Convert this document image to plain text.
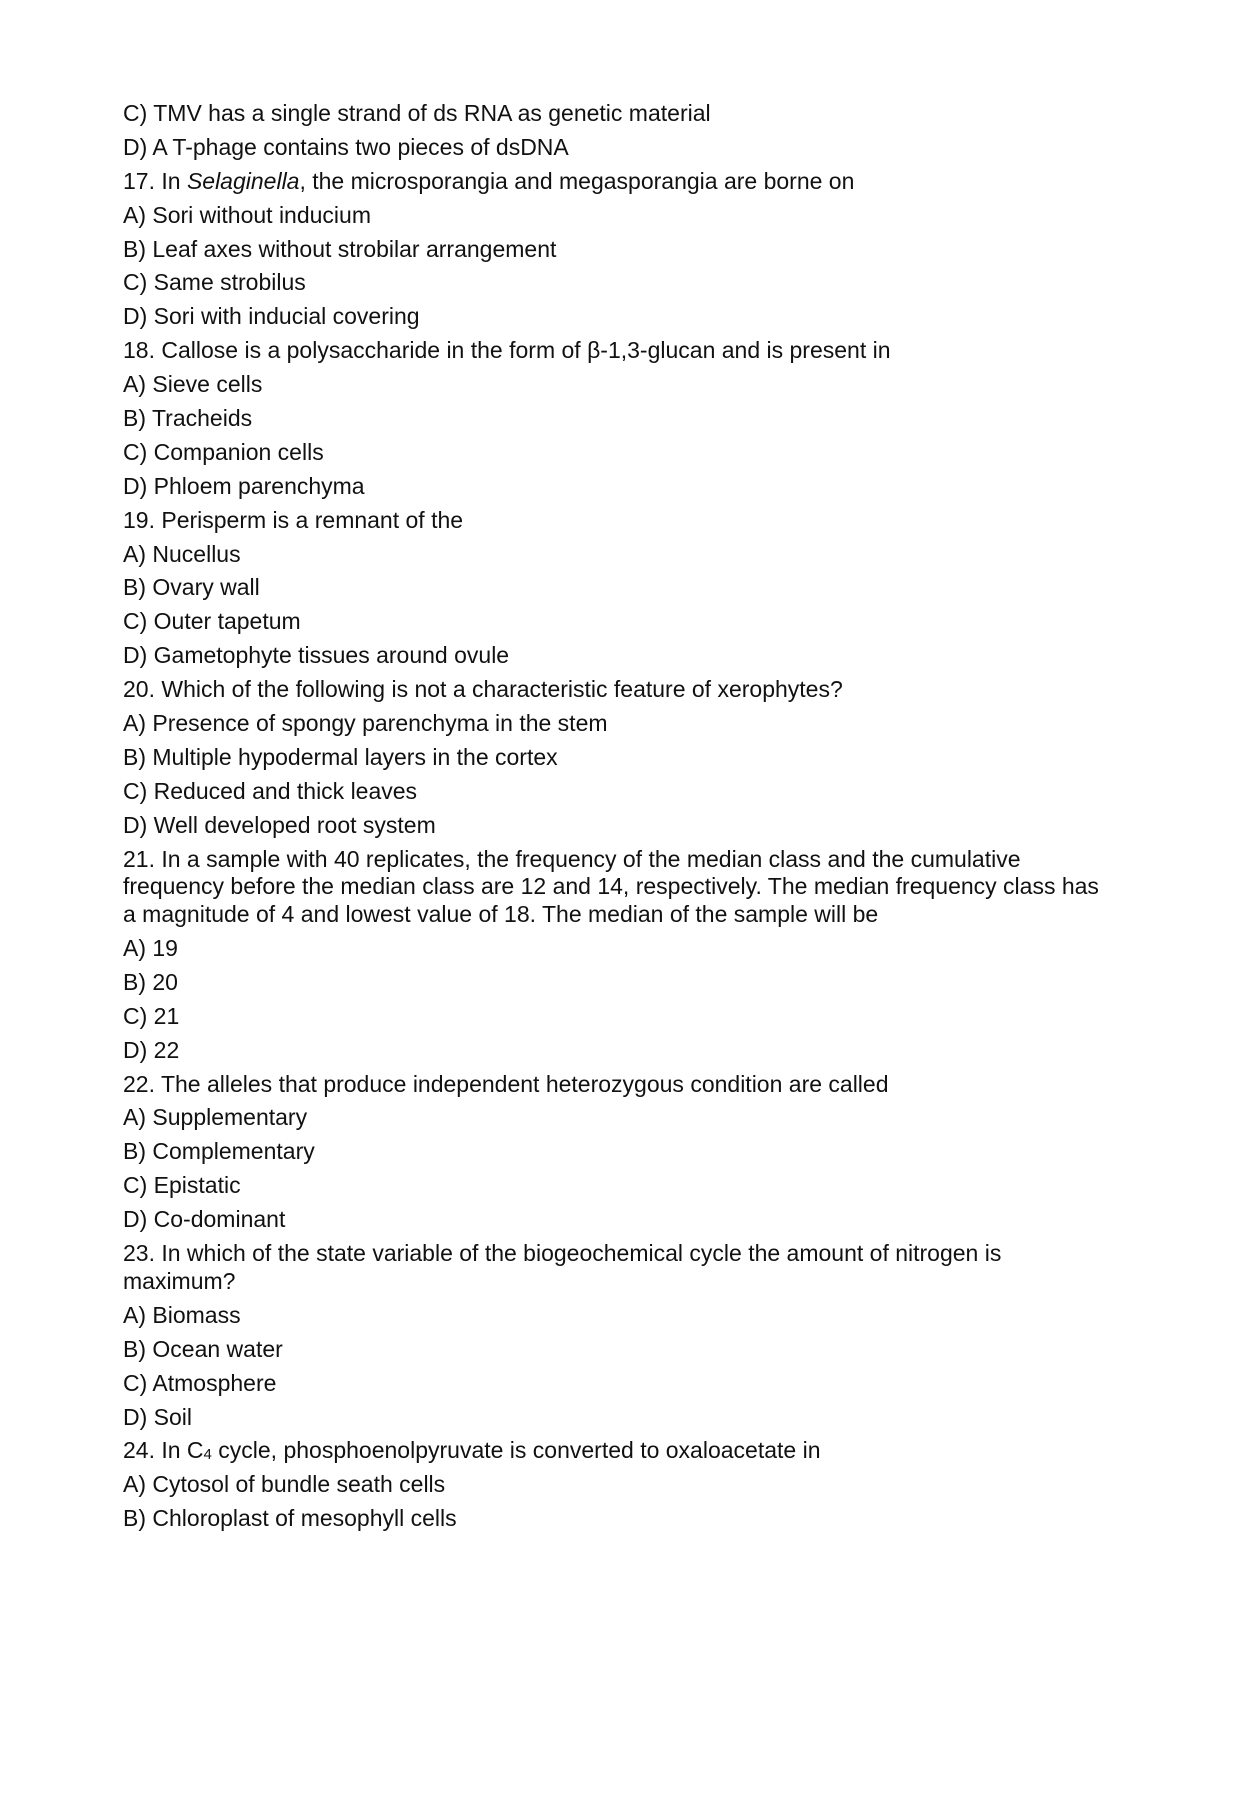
C) TMV has a single strand of ds RNA as genetic material
D) A T-phage contains two pieces of dsDNA
17. In Selaginella, the microsporangia and megasporangia are borne on
A) Sori without inducium
B) Leaf axes without strobilar arrangement
C) Same strobilus
D) Sori with inducial covering
18. Callose is a polysaccharide in the form of β-1,3-glucan and is present in
A) Sieve cells
B) Tracheids
C) Companion cells
D) Phloem parenchyma
19. Perisperm is a remnant of the
A) Nucellus
B) Ovary wall
C) Outer tapetum
D) Gametophyte tissues around ovule
20. Which of the following is not a characteristic feature of xerophytes?
A) Presence of spongy parenchyma in the stem
B) Multiple hypodermal layers in the cortex
C) Reduced and thick leaves
D) Well developed root system
21. In a sample with 40 replicates, the frequency of the median class and the cumulative
frequency before the median class are 12 and 14, respectively. The median frequency class has
a magnitude of 4 and lowest value of 18. The median of the sample will be
A) 19
B) 20
C) 21
D) 22
22. The alleles that produce independent heterozygous condition are called
A) Supplementary
B) Complementary
C) Epistatic
D) Co-dominant
23. In which of the state variable of the biogeochemical cycle the amount of nitrogen is
maximum?
A) Biomass
B) Ocean water
C) Atmosphere
D) Soil
24. In $C_4$ cycle, phosphoenolpyruvate is converted to oxaloacetate in
A) Cytosol of bundle seath cells
B) Chloroplast of mesophyll cells
